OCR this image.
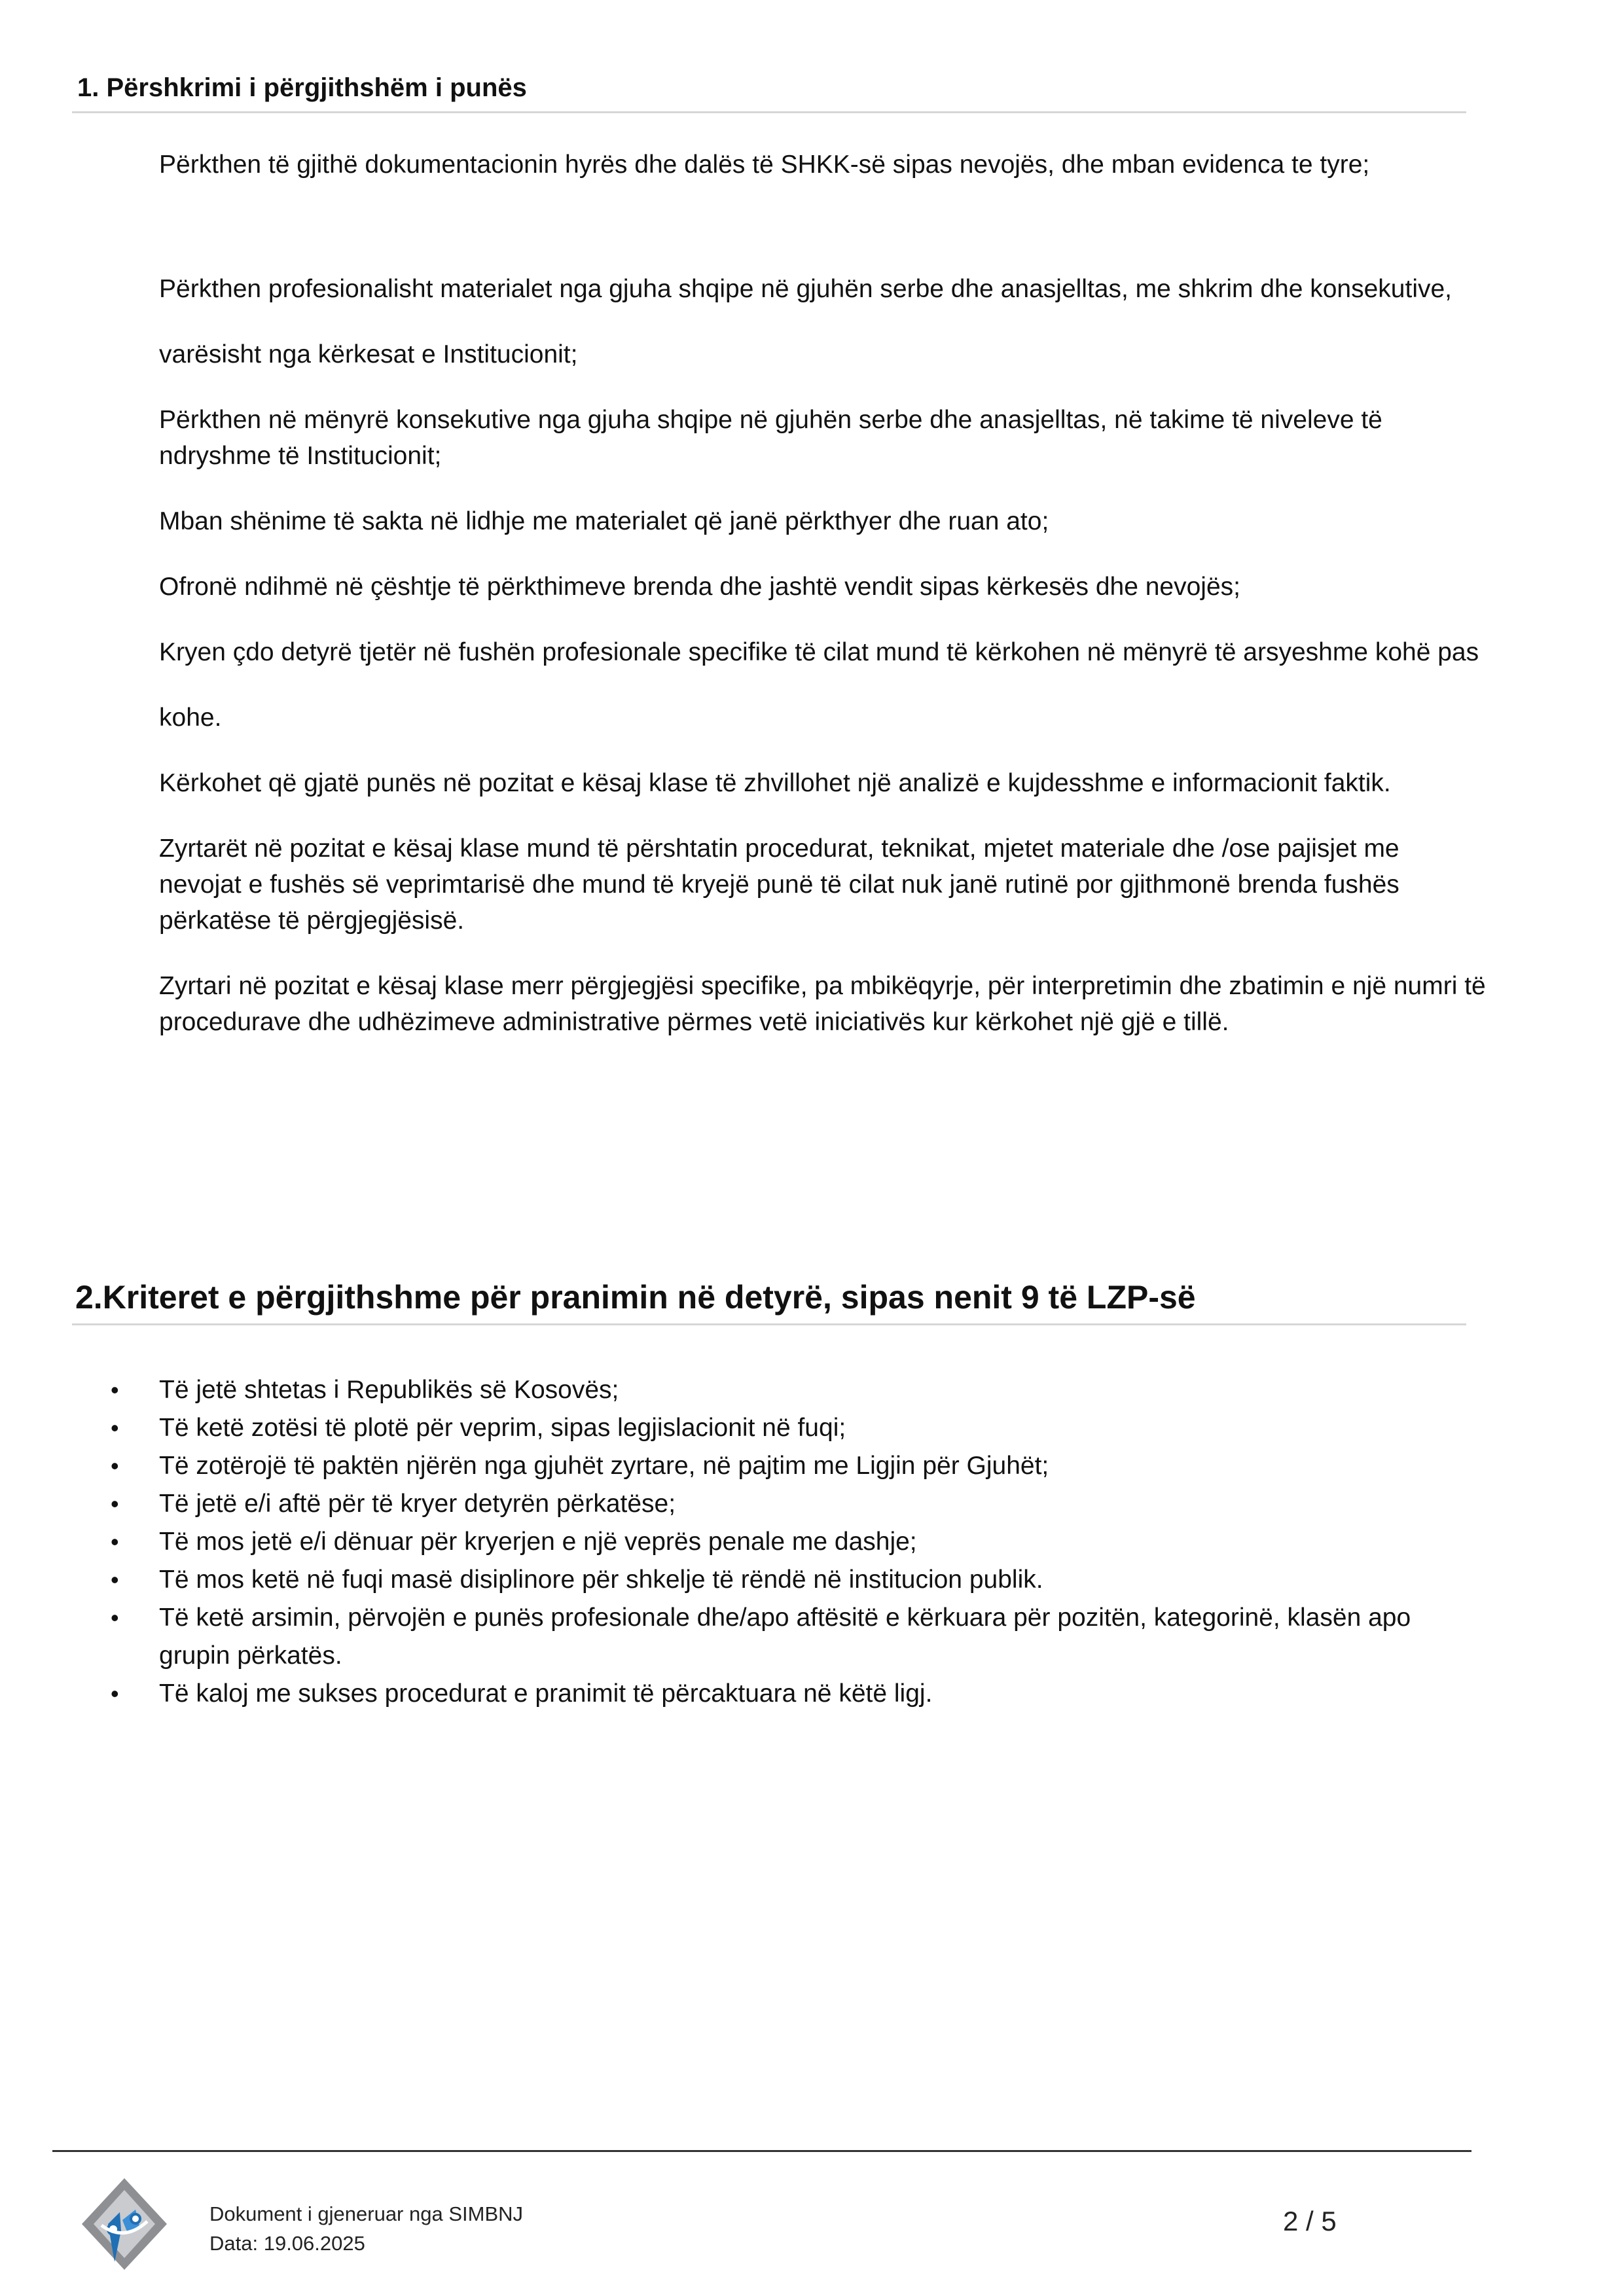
1. Përshkrimi i përgjithshëm i punës

Përkthen të gjithë dokumentacionin hyrës dhe dalës të SHKK-së sipas nevojës, dhe mban evidenca te tyre;

Përkthen profesionalisht materialet nga gjuha shqipe në gjuhën serbe dhe anasjelltas, me shkrim dhe konsekutive,

varësisht nga kërkesat e Institucionit;

Përkthen në mënyrë konsekutive nga gjuha shqipe në gjuhën serbe dhe anasjelltas, në takime të niveleve të ndryshme të Institucionit;

Mban shënime të sakta në lidhje me materialet që janë përkthyer dhe ruan ato;

Ofronë ndihmë në çështje të përkthimeve brenda dhe jashtë vendit sipas kërkesës dhe nevojës;

Kryen çdo detyrë tjetër në fushën profesionale specifike të cilat mund të kërkohen në mënyrë të arsyeshme kohë pas

kohe.

Kërkohet që gjatë punës në pozitat e kësaj klase të zhvillohet një analizë e kujdesshme e informacionit faktik.

Zyrtarët në pozitat e kësaj klase mund të përshtatin procedurat, teknikat, mjetet materiale dhe /ose pajisjet me nevojat e fushës së veprimtarisë dhe mund të kryejë punë të cilat nuk janë rutinë por gjithmonë brenda fushës përkatëse të përgjegjësisë.

Zyrtari në pozitat e kësaj klase merr përgjegjësi specifike, pa mbikëqyrje, për interpretimin dhe zbatimin e një numri të procedurave dhe udhëzimeve administrative përmes vetë iniciativës kur kërkohet një gjë e tillë.

2.Kriteret e përgjithshme për pranimin në detyrë, sipas nenit 9 të LZP-së
• Të jetë shtetas i Republikës së Kosovës;
• Të ketë zotësi të plotë për veprim, sipas legjislacionit në fuqi;
• Të zotërojë të paktën njërën nga gjuhët zyrtare, në pajtim me Ligjin për Gjuhët;
• Të jetë e/i aftë për të kryer detyrën përkatëse;
• Të mos jetë e/i dënuar për kryerjen e një veprës penale me dashje;
• Të mos ketë në fuqi masë disiplinore për shkelje të rëndë në institucion publik.
• Të ketë arsimin, përvojën e punës profesionale dhe/apo aftësitë e kërkuara për pozitën, kategorinë, klasën apo grupin përkatës.
• Të kaloj me sukses procedurat e pranimit të përcaktuara në këtë ligj.
Dokument i gjeneruar nga SIMBNJ
Data: 19.06.2025
2 / 5
